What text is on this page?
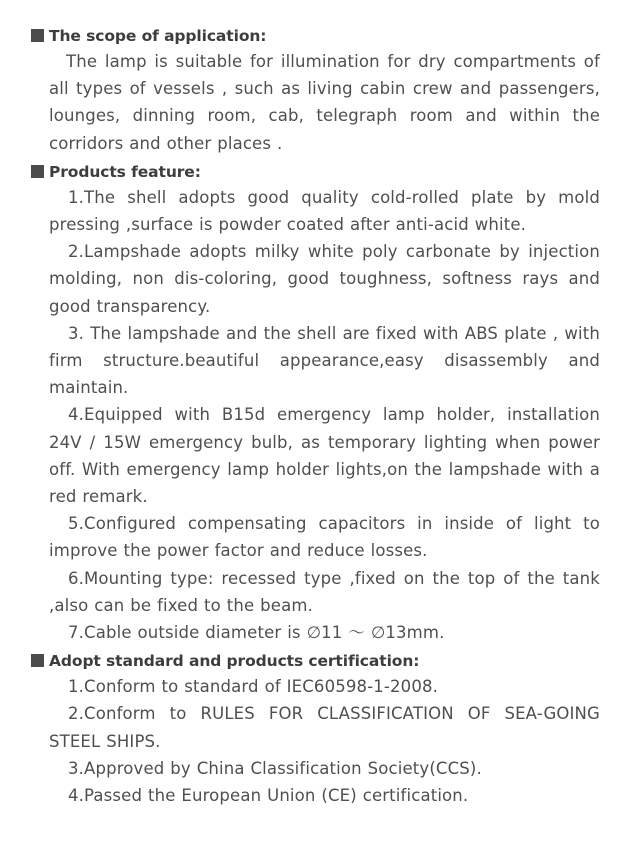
The scope of application:

The lamp is suitable for illumination for dry compartments of all types of vessels , such as living cabin crew and passengers, lounges, dinning room, cab, telegraph room and within the corridors and other places .

Products feature:

1.The shell adopts good quality cold-rolled plate by mold pressing ,surface is powder coated after anti-acid white.

2.Lampshade adopts milky white poly carbonate by injection molding, non dis-coloring, good toughness, softness rays and good transparency.

3. The lampshade and the shell are fixed with ABS plate , with firm structure.beautiful appearance,easy disassembly and maintain.

4.Equipped with B15d emergency lamp holder, installation 24V / 15W emergency bulb, as temporary lighting when power off. With emergency lamp holder lights,on the lampshade with a red remark.

5.Configured compensating capacitors in inside of light to improve the power factor and reduce losses.

6.Mounting type: recessed type ,fixed on the top of the tank ,also can be fixed to the beam.

7.Cable outside diameter is ∅11 ～ ∅13mm.

Adopt standard and products certification:

1.Conform to standard of IEC60598-1-2008.

2.Conform to RULES FOR CLASSIFICATION OF SEA-GOING STEEL SHIPS.

3.Approved by China Classification Society(CCS).

4.Passed the European Union (CE) certification.
